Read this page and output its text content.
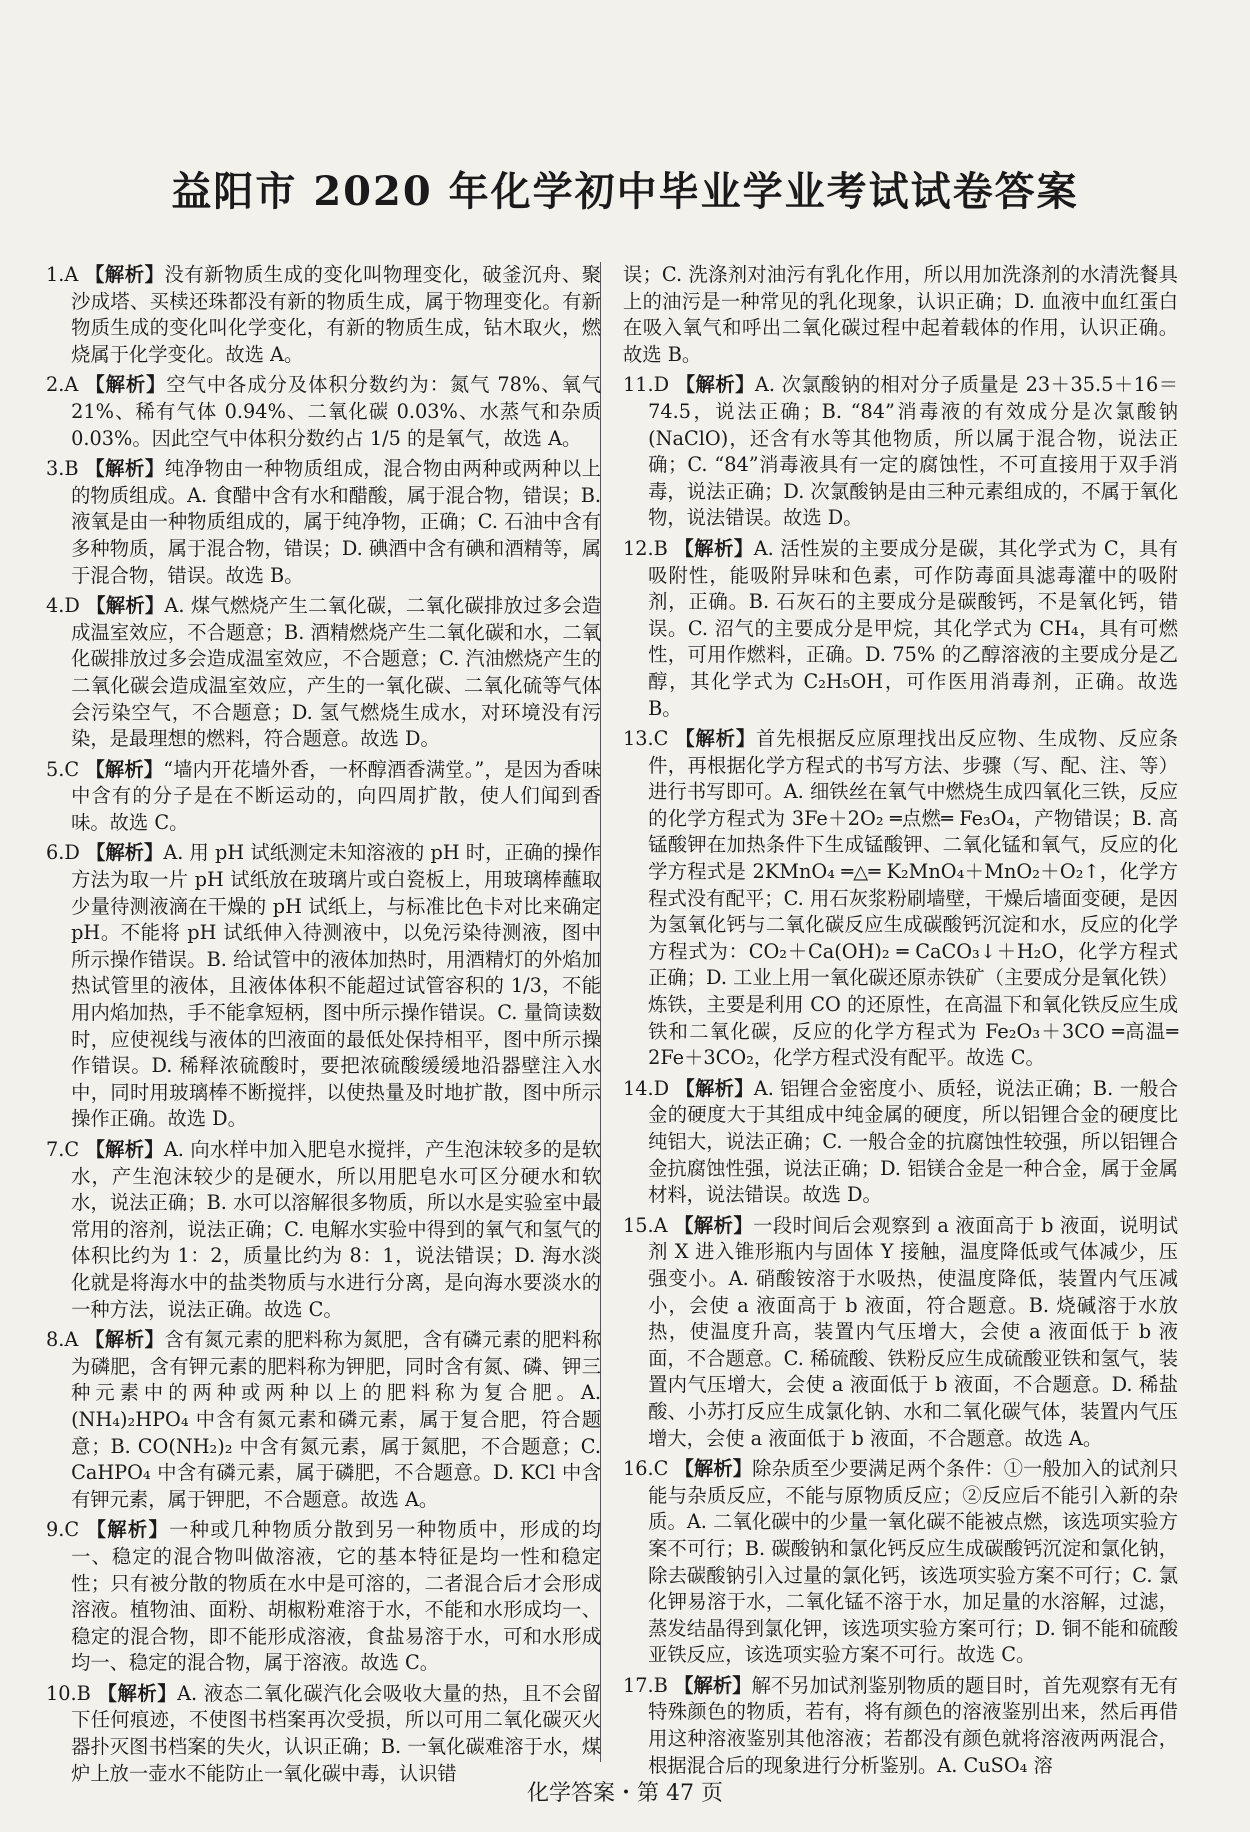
益阳市 2020 年化学初中毕业学业考试试卷答案

1.A 【解析】没有新物质生成的变化叫物理变化，破釜沉舟、聚沙成塔、买椟还珠都没有新的物质生成，属于物理变化。有新物质生成的变化叫化学变化，有新的物质生成，钻木取火，燃烧属于化学变化。故选 A。

2.A 【解析】空气中各成分及体积分数约为：氮气 78%、氧气 21%、稀有气体 0.94%、二氧化碳 0.03%、水蒸气和杂质 0.03%。因此空气中体积分数约占 1/5 的是氧气，故选 A。

3.B 【解析】纯净物由一种物质组成，混合物由两种或两种以上的物质组成。A. 食醋中含有水和醋酸，属于混合物，错误；B. 液氧是由一种物质组成的，属于纯净物，正确；C. 石油中含有多种物质，属于混合物，错误；D. 碘酒中含有碘和酒精等，属于混合物，错误。故选 B。

4.D 【解析】A. 煤气燃烧产生二氧化碳，二氧化碳排放过多会造成温室效应，不合题意；B. 酒精燃烧产生二氧化碳和水，二氧化碳排放过多会造成温室效应，不合题意；C. 汽油燃烧产生的二氧化碳会造成温室效应，产生的一氧化碳、二氧化硫等气体会污染空气，不合题意；D. 氢气燃烧生成水，对环境没有污染，是最理想的燃料，符合题意。故选 D。

5.C 【解析】“墙内开花墙外香，一杯醇酒香满堂。”，是因为香味中含有的分子是在不断运动的，向四周扩散，使人们闻到香味。故选 C。

6.D 【解析】A. 用 pH 试纸测定未知溶液的 pH 时，正确的操作方法为取一片 pH 试纸放在玻璃片或白瓷板上，用玻璃棒蘸取少量待测液滴在干燥的 pH 试纸上，与标准比色卡对比来确定 pH。不能将 pH 试纸伸入待测液中，以免污染待测液，图中所示操作错误。B. 给试管中的液体加热时，用酒精灯的外焰加热试管里的液体，且液体体积不能超过试管容积的 1/3，不能用内焰加热，手不能拿短柄，图中所示操作错误。C. 量筒读数时，应使视线与液体的凹液面的最低处保持相平，图中所示操作错误。D. 稀释浓硫酸时，要把浓硫酸缓缓地沿器壁注入水中，同时用玻璃棒不断搅拌，以使热量及时地扩散，图中所示操作正确。故选 D。

7.C 【解析】A. 向水样中加入肥皂水搅拌，产生泡沫较多的是软水，产生泡沫较少的是硬水，所以用肥皂水可区分硬水和软水，说法正确；B. 水可以溶解很多物质，所以水是实验室中最常用的溶剂，说法正确；C. 电解水实验中得到的氧气和氢气的体积比约为 1：2，质量比约为 8：1，说法错误；D. 海水淡化就是将海水中的盐类物质与水进行分离，是向海水要淡水的一种方法，说法正确。故选 C。

8.A 【解析】含有氮元素的肥料称为氮肥，含有磷元素的肥料称为磷肥，含有钾元素的肥料称为钾肥，同时含有氮、磷、钾三种元素中的两种或两种以上的肥料称为复合肥。A. (NH₄)₂HPO₄ 中含有氮元素和磷元素，属于复合肥，符合题意；B. CO(NH₂)₂ 中含有氮元素，属于氮肥，不合题意；C. CaHPO₄ 中含有磷元素，属于磷肥，不合题意。D. KCl 中含有钾元素，属于钾肥，不合题意。故选 A。

9.C 【解析】一种或几种物质分散到另一种物质中，形成的均一、稳定的混合物叫做溶液，它的基本特征是均一性和稳定性；只有被分散的物质在水中是可溶的，二者混合后才会形成溶液。植物油、面粉、胡椒粉难溶于水，不能和水形成均一、稳定的混合物，即不能形成溶液，食盐易溶于水，可和水形成均一、稳定的混合物，属于溶液。故选 C。

10.B 【解析】A. 液态二氧化碳汽化会吸收大量的热，且不会留下任何痕迹，不使图书档案再次受损，所以可用二氧化碳灭火器扑灭图书档案的失火，认识正确；B. 一氧化碳难溶于水，煤炉上放一壶水不能防止一氧化碳中毒，认识错

误；C. 洗涤剂对油污有乳化作用，所以用加洗涤剂的水清洗餐具上的油污是一种常见的乳化现象，认识正确；D. 血液中血红蛋白在吸入氧气和呼出二氧化碳过程中起着载体的作用，认识正确。故选 B。

11.D 【解析】A. 次氯酸钠的相对分子质量是 23＋35.5＋16＝74.5，说法正确；B. “84”消毒液的有效成分是次氯酸钠 (NaClO)，还含有水等其他物质，所以属于混合物，说法正确；C. “84”消毒液具有一定的腐蚀性，不可直接用于双手消毒，说法正确；D. 次氯酸钠是由三种元素组成的，不属于氧化物，说法错误。故选 D。

12.B 【解析】A. 活性炭的主要成分是碳，其化学式为 C，具有吸附性，能吸附异味和色素，可作防毒面具滤毒灌中的吸附剂，正确。B. 石灰石的主要成分是碳酸钙，不是氧化钙，错误。C. 沼气的主要成分是甲烷，其化学式为 CH₄，具有可燃性，可用作燃料，正确。D. 75% 的乙醇溶液的主要成分是乙醇，其化学式为 C₂H₅OH，可作医用消毒剂，正确。故选 B。

13.C 【解析】首先根据反应原理找出反应物、生成物、反应条件，再根据化学方程式的书写方法、步骤（写、配、注、等）进行书写即可。A. 细铁丝在氧气中燃烧生成四氧化三铁，反应的化学方程式为 3Fe＋2O₂ ═点燃═ Fe₃O₄，产物错误；B. 高锰酸钾在加热条件下生成锰酸钾、二氧化锰和氧气，反应的化学方程式是 2KMnO₄ ═△═ K₂MnO₄＋MnO₂＋O₂↑，化学方程式没有配平；C. 用石灰浆粉刷墙壁，干燥后墙面变硬，是因为氢氧化钙与二氧化碳反应生成碳酸钙沉淀和水，反应的化学方程式为：CO₂＋Ca(OH)₂ ═ CaCO₃↓＋H₂O，化学方程式正确；D. 工业上用一氧化碳还原赤铁矿（主要成分是氧化铁）炼铁，主要是利用 CO 的还原性，在高温下和氧化铁反应生成铁和二氧化碳，反应的化学方程式为 Fe₂O₃＋3CO ═高温═ 2Fe＋3CO₂，化学方程式没有配平。故选 C。

14.D 【解析】A. 铝锂合金密度小、质轻，说法正确；B. 一般合金的硬度大于其组成中纯金属的硬度，所以铝锂合金的硬度比纯铝大，说法正确；C. 一般合金的抗腐蚀性较强，所以铝锂合金抗腐蚀性强，说法正确；D. 铝镁合金是一种合金，属于金属材料，说法错误。故选 D。

15.A 【解析】一段时间后会观察到 a 液面高于 b 液面，说明试剂 X 进入锥形瓶内与固体 Y 接触，温度降低或气体减少，压强变小。A. 硝酸铵溶于水吸热，使温度降低，装置内气压减小，会使 a 液面高于 b 液面，符合题意。B. 烧碱溶于水放热，使温度升高，装置内气压增大，会使 a 液面低于 b 液面，不合题意。C. 稀硫酸、铁粉反应生成硫酸亚铁和氢气，装置内气压增大，会使 a 液面低于 b 液面，不合题意。D. 稀盐酸、小苏打反应生成氯化钠、水和二氧化碳气体，装置内气压增大，会使 a 液面低于 b 液面，不合题意。故选 A。

16.C 【解析】除杂质至少要满足两个条件：①一般加入的试剂只能与杂质反应，不能与原物质反应；②反应后不能引入新的杂质。A. 二氧化碳中的少量一氧化碳不能被点燃，该选项实验方案不可行；B. 碳酸钠和氯化钙反应生成碳酸钙沉淀和氯化钠，除去碳酸钠引入过量的氯化钙，该选项实验方案不可行；C. 氯化钾易溶于水，二氧化锰不溶于水，加足量的水溶解，过滤，蒸发结晶得到氯化钾，该选项实验方案可行；D. 铜不能和硫酸亚铁反应，该选项实验方案不可行。故选 C。

17.B 【解析】解不另加试剂鉴别物质的题目时，首先观察有无有特殊颜色的物质，若有，将有颜色的溶液鉴别出来，然后再借用这种溶液鉴别其他溶液；若都没有颜色就将溶液两两混合，根据混合后的现象进行分析鉴别。A. CuSO₄ 溶

化学答案・第 47 页
